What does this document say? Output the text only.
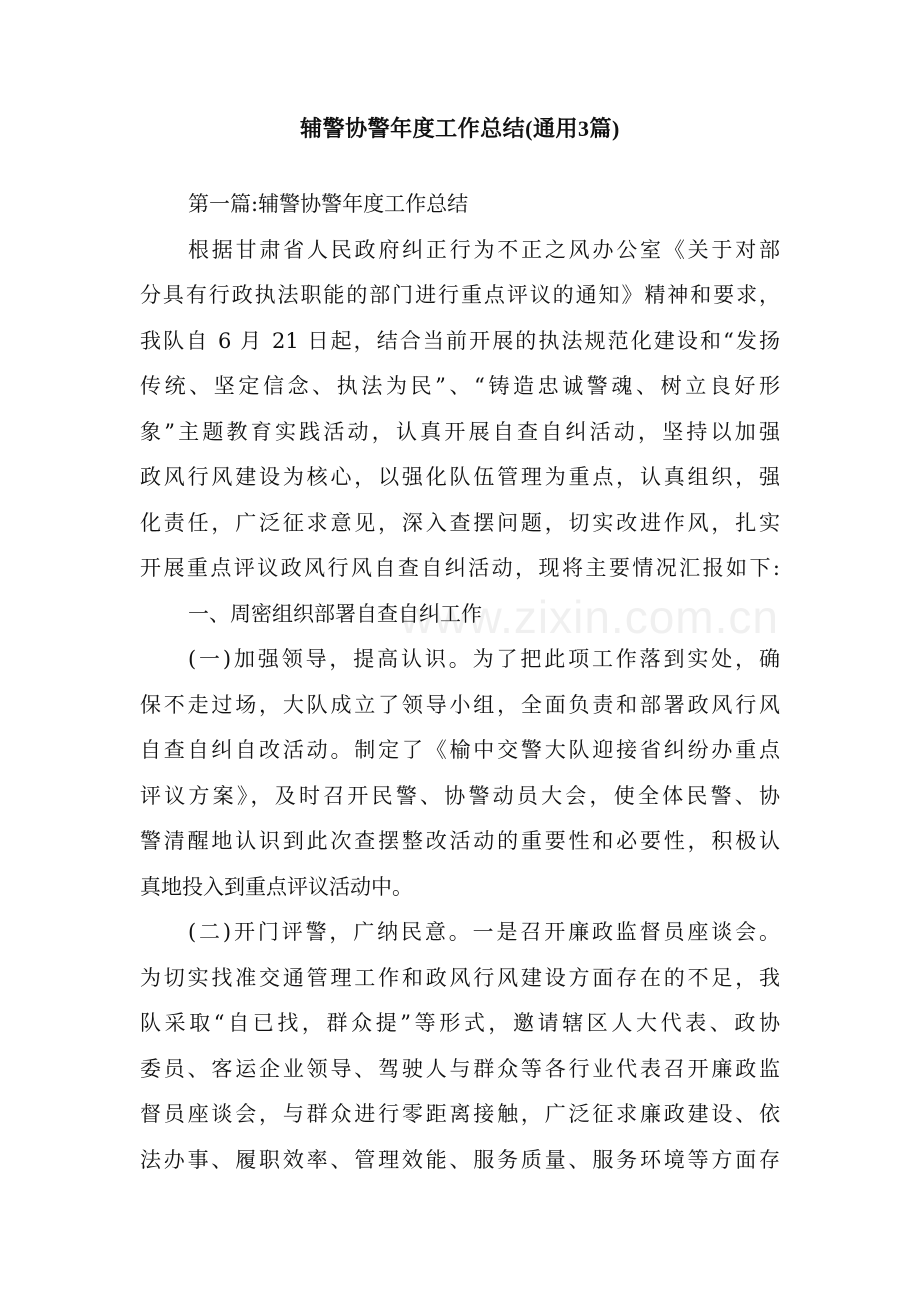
辅警协警年度工作总结(通用3篇)
www.zixin.com.cn
第一篇:辅警协警年度工作总结
根据甘肃省人民政府纠正行为不正之风办公室《关于对部
分具有行政执法职能的部门进行重点评议的通知》精神和要求，
我队自 6 月 21 日起，结合当前开展的执法规范化建设和“发扬
传统、坚定信念、执法为民”、“铸造忠诚警魂、树立良好形
象”主题教育实践活动，认真开展自查自纠活动，坚持以加强
政风行风建设为核心，以强化队伍管理为重点，认真组织，强
化责任，广泛征求意见，深入查摆问题，切实改进作风，扎实
开展重点评议政风行风自查自纠活动，现将主要情况汇报如下:
一、周密组织部署自查自纠工作
(一)加强领导，提高认识。为了把此项工作落到实处，确
保不走过场，大队成立了领导小组，全面负责和部署政风行风
自查自纠自改活动。制定了《榆中交警大队迎接省纠纷办重点
评议方案》，及时召开民警、协警动员大会，使全体民警、协
警清醒地认识到此次查摆整改活动的重要性和必要性，积极认
真地投入到重点评议活动中。
(二)开门评警，广纳民意。一是召开廉政监督员座谈会。
为切实找准交通管理工作和政风行风建设方面存在的不足，我
队采取“自已找，群众提”等形式，邀请辖区人大代表、政协
委员、客运企业领导、驾驶人与群众等各行业代表召开廉政监
督员座谈会，与群众进行零距离接触，广泛征求廉政建设、依
法办事、履职效率、管理效能、服务质量、服务环境等方面存
